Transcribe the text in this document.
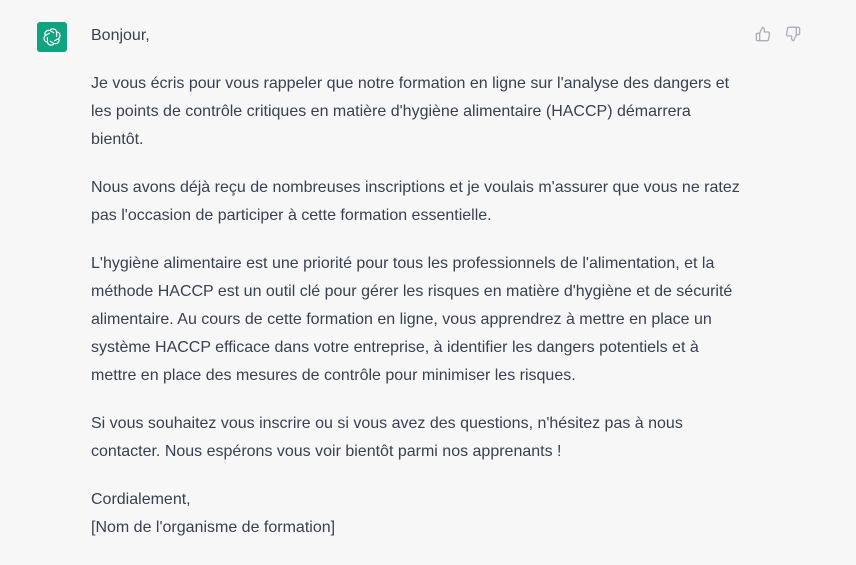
Bonjour,

Je vous écris pour vous rappeler que notre formation en ligne sur l'analyse des dangers et les points de contrôle critiques en matière d'hygiène alimentaire (HACCP) démarrera bientôt.

Nous avons déjà reçu de nombreuses inscriptions et je voulais m'assurer que vous ne ratez pas l'occasion de participer à cette formation essentielle.

L'hygiène alimentaire est une priorité pour tous les professionnels de l'alimentation, et la méthode HACCP est un outil clé pour gérer les risques en matière d'hygiène et de sécurité alimentaire. Au cours de cette formation en ligne, vous apprendrez à mettre en place un système HACCP efficace dans votre entreprise, à identifier les dangers potentiels et à mettre en place des mesures de contrôle pour minimiser les risques.

Si vous souhaitez vous inscrire ou si vous avez des questions, n'hésitez pas à nous contacter. Nous espérons vous voir bientôt parmi nos apprenants !

Cordialement,
[Nom de l'organisme de formation]
